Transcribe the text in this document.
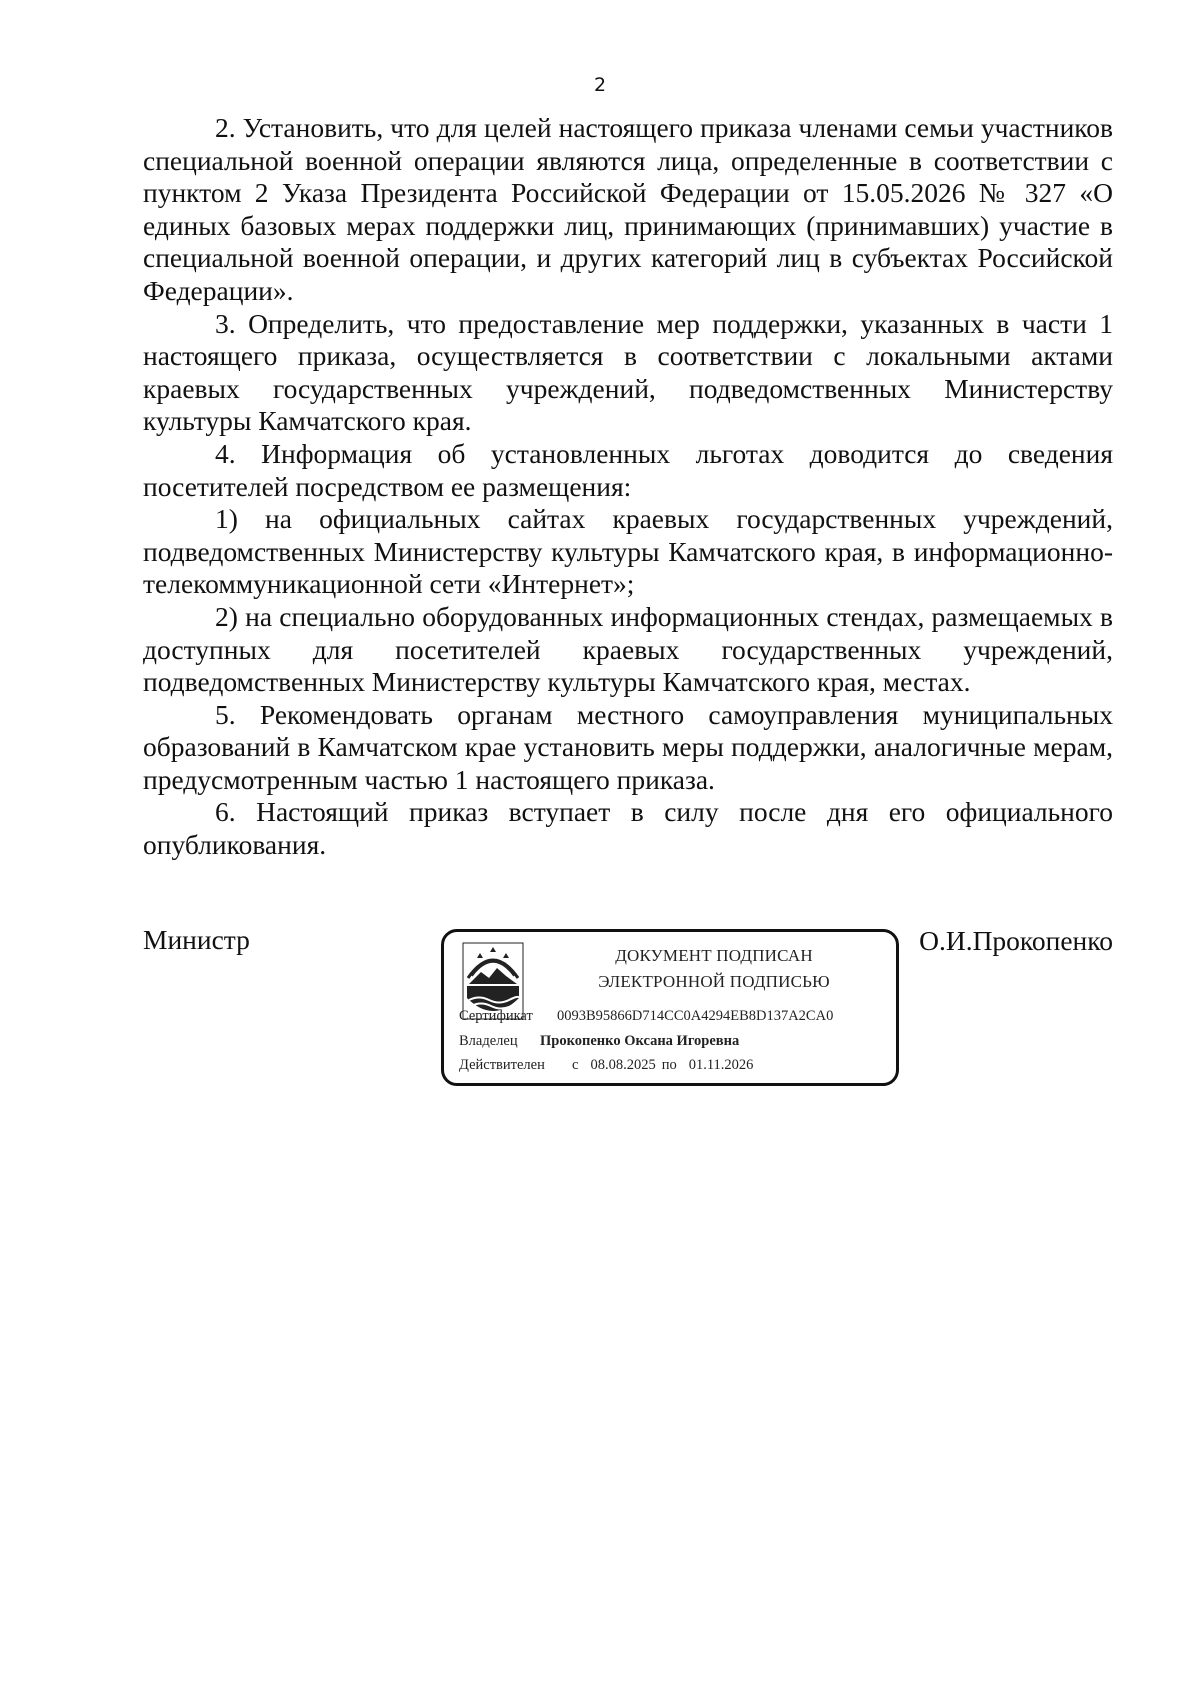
2

2. Установить, что для целей настоящего приказа членами семьи участников специальной военной операции являются лица, определенные в соответствии с пунктом 2 Указа Президента Российской Федерации от 15.05.2026 № 327 «О единых базовых мерах поддержки лиц, принимающих (принимавших) участие в специальной военной операции, и других категорий лиц в субъектах Российской Федерации».

3. Определить, что предоставление мер поддержки, указанных в части 1 настоящего приказа, осуществляется в соответствии с локальными актами краевых государственных учреждений, подведомственных Министерству культуры Камчатского края.

4. Информация об установленных льготах доводится до сведения посетителей посредством ее размещения:

1) на официальных сайтах краевых государственных учреждений, подведомственных Министерству культуры Камчатского края, в информационно-телекоммуникационной сети «Интернет»;

2) на специально оборудованных информационных стендах, размещаемых в доступных для посетителей краевых государственных учреждений, подведомственных Министерству культуры Камчатского края, местах.

5. Рекомендовать органам местного самоуправления муниципальных образований в Камчатском крае установить меры поддержки, аналогичные мерам, предусмотренным частью 1 настоящего приказа.

6. Настоящий приказ вступает в силу после дня его официального опубликования.

Министр	О.И.Прокопенко
ДОКУМЕНТ ПОДПИСАН
ЭЛЕКТРОННОЙ ПОДПИСЬЮ
Сертификат 0093B95866D714CC0A4294EB8D137A2CA0
Владелец Прокопенко Оксана Игоревна
Действителен с 08.08.2025 по 01.11.2026
